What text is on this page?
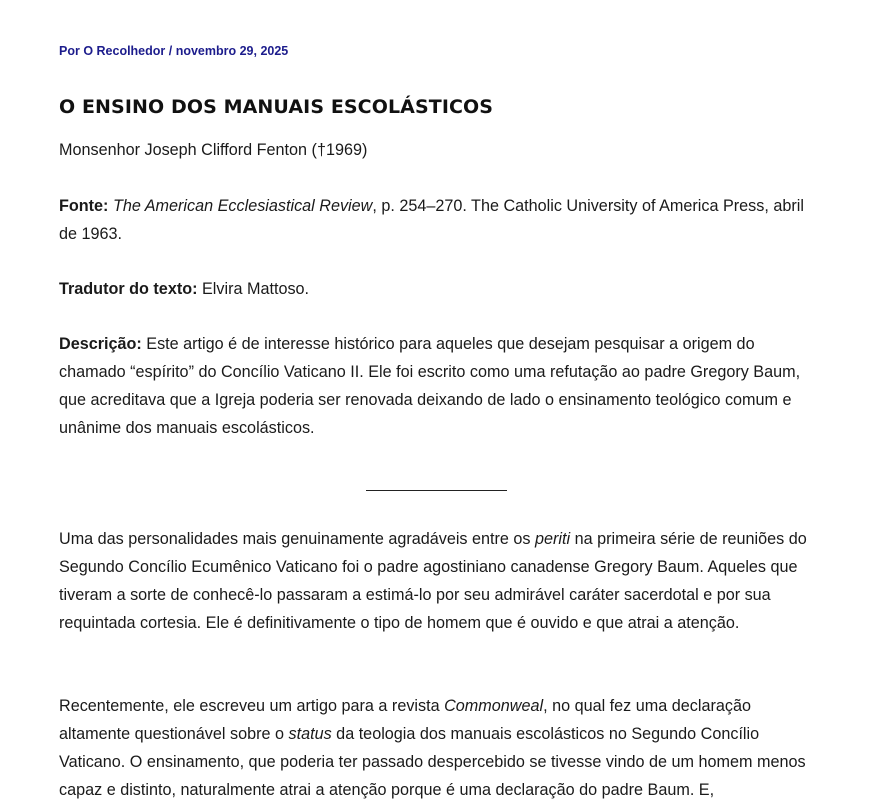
Por O Recolhedor / novembro 29, 2025

O ENSINO DOS MANUAIS ESCOLÁSTICOS

Monsenhor Joseph Clifford Fenton (†1969)

Fonte: The American Ecclesiastical Review, p. 254–270. The Catholic University of America Press, abril de 1963.

Tradutor do texto: Elvira Mattoso.

Descrição: Este artigo é de interesse histórico para aqueles que desejam pesquisar a origem do chamado “espírito” do Concílio Vaticano II. Ele foi escrito como uma refutação ao padre Gregory Baum, que acreditava que a Igreja poderia ser renovada deixando de lado o ensinamento teológico comum e unânime dos manuais escolásticos.

Uma das personalidades mais genuinamente agradáveis entre os periti na primeira série de reuniões do Segundo Concílio Ecumênico Vaticano foi o padre agostiniano canadense Gregory Baum. Aqueles que tiveram a sorte de conhecê-lo passaram a estimá-lo por seu admirável caráter sacerdotal e por sua requintada cortesia. Ele é definitivamente o tipo de homem que é ouvido e que atrai a atenção.

Recentemente, ele escreveu um artigo para a revista Commonweal, no qual fez uma declaração altamente questionável sobre o status da teologia dos manuais escolásticos no Segundo Concílio Vaticano. O ensinamento, que poderia ter passado despercebido se tivesse vindo de um homem menos capaz e distinto, naturalmente atrai a atenção porque é uma declaração do padre Baum. E,
